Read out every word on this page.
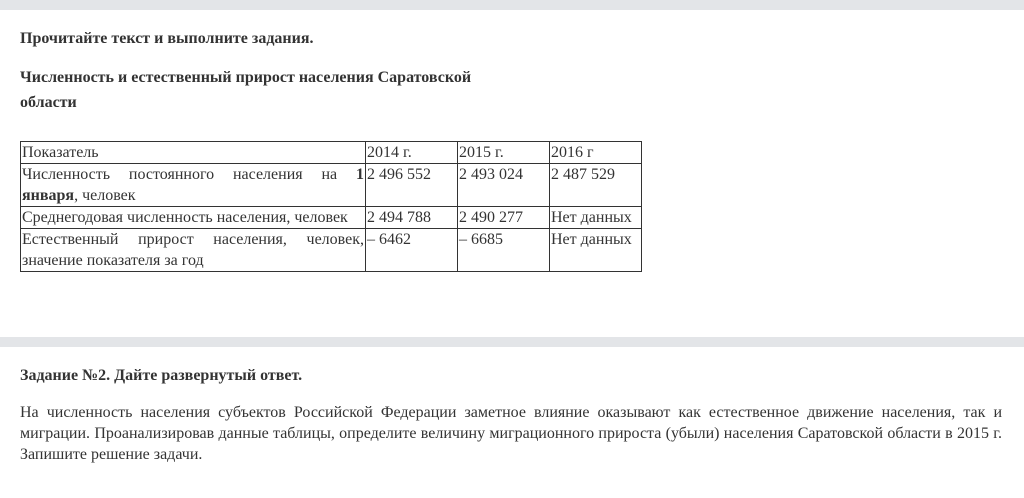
Прочитайте текст и выполните задания.

Численность и естественный прирост населения Саратовской области

Показатель	2014 г.	2015 г.	2016 г
Численность постоянного населения на 1 января, человек	2 496 552	2 493 024	2 487 529
Среднегодовая численность населения, человек	2 494 788	2 490 277	Нет данных
Естественный прирост населения, человек, значение показателя за год	– 6462	– 6685	Нет данных

Задание №2. Дайте развернутый ответ.

На численность населения субъектов Российской Федерации заметное влияние оказывают как естественное движение населения, так и миграции. Проанализировав данные таблицы, определите величину миграционного прироста (убыли) населения Саратовской области в 2015 г. Запишите решение задачи.
